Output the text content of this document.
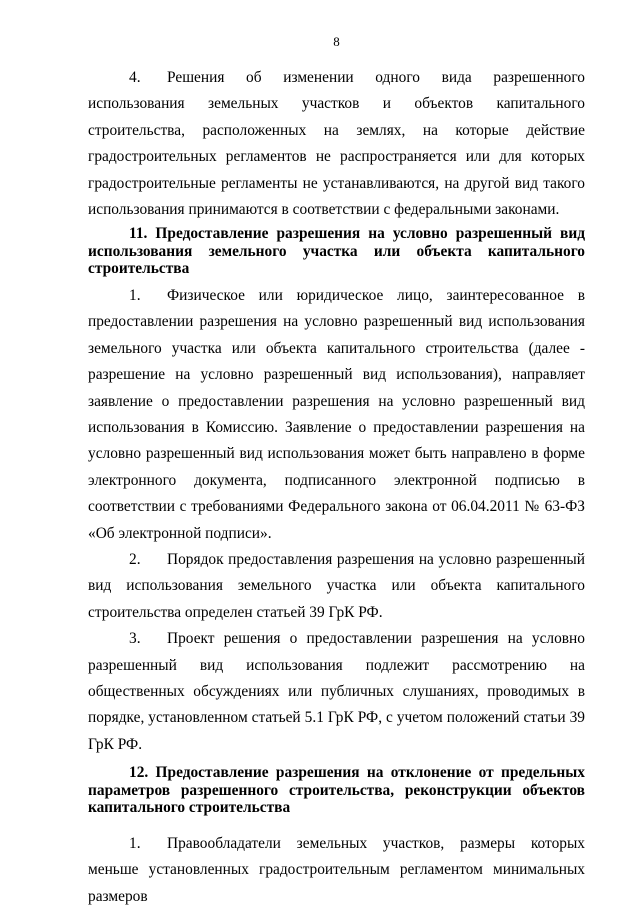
8

4. Решения об изменении одного вида разрешенного использования земельных участков и объектов капитального строительства, расположенных на землях, на которые действие градостроительных регламентов не распространяется или для которых градостроительные регламенты не устанавливаются, на другой вид такого использования принимаются в соответствии с федеральными законами.

11. Предоставление разрешения на условно разрешенный вид использования земельного участка или объекта капитального строительства

1. Физическое или юридическое лицо, заинтересованное в предоставлении разрешения на условно разрешенный вид использования земельного участка или объекта капитального строительства (далее - разрешение на условно разрешенный вид использования), направляет заявление о предоставлении разрешения на условно разрешенный вид использования в Комиссию. Заявление о предоставлении разрешения на условно разрешенный вид использования может быть направлено в форме электронного документа, подписанного электронной подписью в соответствии с требованиями Федерального закона от 06.04.2011 № 63-ФЗ «Об электронной подписи».

2. Порядок предоставления разрешения на условно разрешенный вид использования земельного участка или объекта капитального строительства определен статьей 39 ГрК РФ.

3. Проект решения о предоставлении разрешения на условно разрешенный вид использования подлежит рассмотрению на общественных обсуждениях или публичных слушаниях, проводимых в порядке, установленном статьей 5.1 ГрК РФ, с учетом положений статьи 39 ГрК РФ.

12. Предоставление разрешения на отклонение от предельных параметров разрешенного строительства, реконструкции объектов капитального строительства

1. Правообладатели земельных участков, размеры которых меньше установленных градостроительным регламентом минимальных размеров
